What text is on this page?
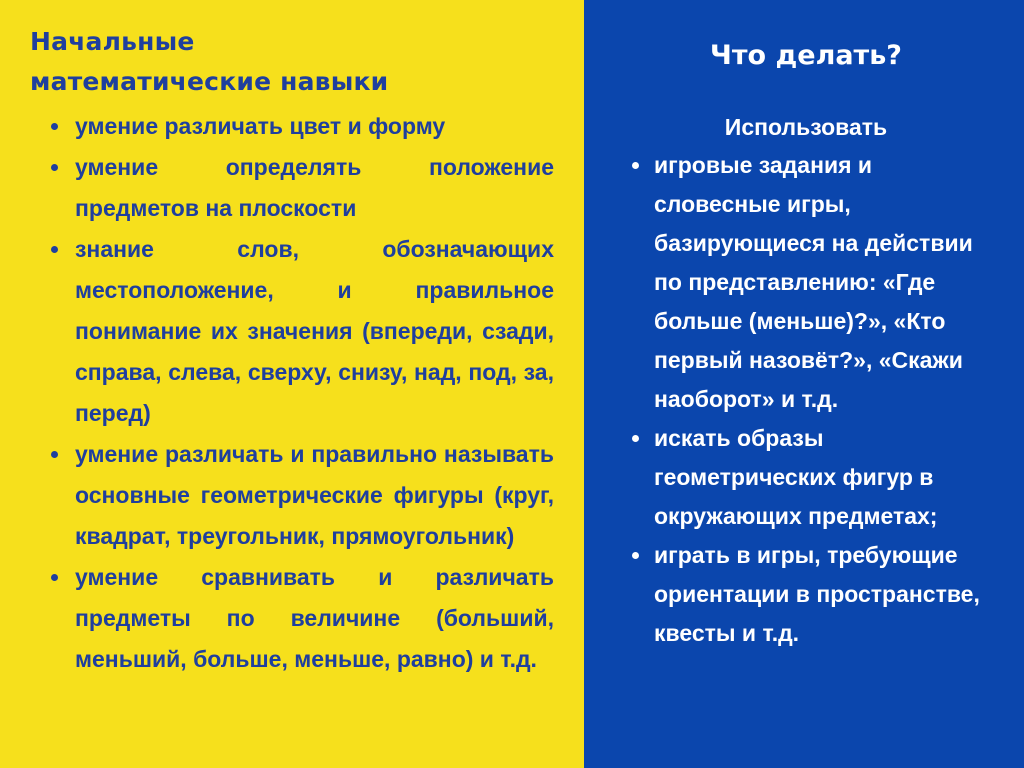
Начальные
математические навыки
умение различать цвет и форму
умение определять положение предметов на плоскости
знание слов, обозначающих местоположение, и правильное понимание их значения (впереди, сзади, справа, слева, сверху, снизу, над, под, за, перед)
умение различать и правильно называть основные геометрические фигуры (круг, квадрат, треугольник, прямоугольник)
умение сравнивать и различать предметы по величине (больший, меньший, больше, меньше, равно) и т.д.
Что делать?

Использовать

игровые задания и словесные игры, базирующиеся на действии по представлению: «Где больше (меньше)?», «Кто первый назовёт?», «Скажи наоборот» и т.д.
искать образы геометрических фигур в окружающих предметах;
играть в игры, требующие ориентации в пространстве, квесты и т.д.
